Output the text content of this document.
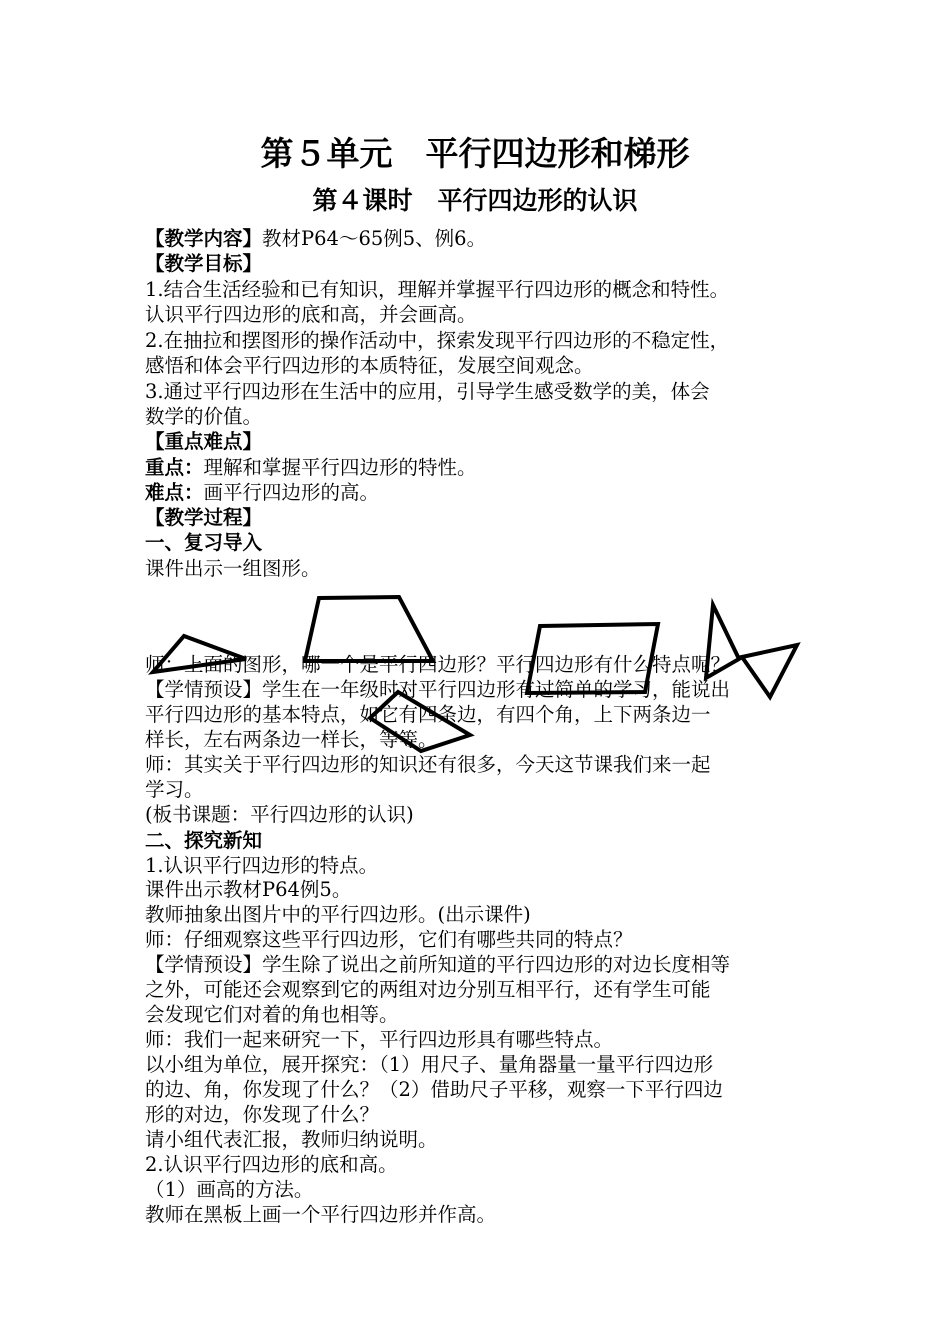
第５单元　平行四边形和梯形
第４课时　平行四边形的认识
【教学内容】教材P64～65例5、例6。
【教学目标】
1.结合生活经验和已有知识，理解并掌握平行四边形的概念和特性。
认识平行四边形的底和高，并会画高。
2.在抽拉和摆图形的操作活动中，探索发现平行四边形的不稳定性，
感悟和体会平行四边形的本质特征，发展空间观念。
3.通过平行四边形在生活中的应用，引导学生感受数学的美，体会
数学的价值。
【重点难点】
重点：理解和掌握平行四边形的特性。
难点：画平行四边形的高。
【教学过程】
一、复习导入
课件出示一组图形。
师：上面的图形，哪一个是平行四边形？平行四边形有什么特点呢？
【学情预设】学生在一年级时对平行四边形有过简单的学习，能说出
平行四边形的基本特点，如它有四条边，有四个角，上下两条边一
样长，左右两条边一样长，等等。
师：其实关于平行四边形的知识还有很多，今天这节课我们来一起
学习。
(板书课题：平行四边形的认识)
二、探究新知
1.认识平行四边形的特点。
课件出示教材P64例5。
教师抽象出图片中的平行四边形。(出示课件)
师：仔细观察这些平行四边形，它们有哪些共同的特点？
【学情预设】学生除了说出之前所知道的平行四边形的对边长度相等
之外，可能还会观察到它的两组对边分别互相平行，还有学生可能
会发现它们对着的角也相等。
师：我们一起来研究一下，平行四边形具有哪些特点。
以小组为单位，展开探究：（1）用尺子、量角器量一量平行四边形
的边、角，你发现了什么？（2）借助尺子平移，观察一下平行四边
形的对边，你发现了什么？
请小组代表汇报，教师归纳说明。
2.认识平行四边形的底和高。
（1）画高的方法。
教师在黑板上画一个平行四边形并作高。
